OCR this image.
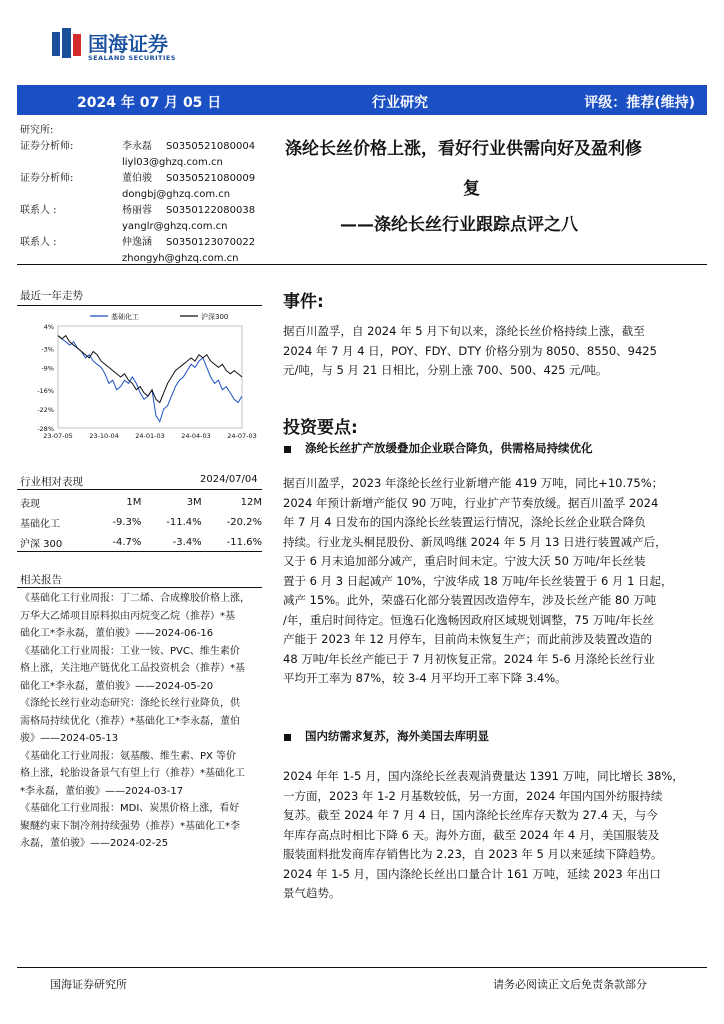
国海证券
SEALAND SECURITIES
2024 年 07 月 05 日	行业研究	评级：推荐(维持)
研究所:
证券分析师:	李永磊 S0350521080004
liyl03@ghzq.com.cn
证券分析师:	董伯骏 S0350521080009
dongbj@ghzq.com.cn
联系人 :	杨丽蓉 S0350122080038
yanglr@ghzq.com.cn
联系人 :	仲逸涵 S0350123070022
zhongyh@ghzq.com.cn
涤纶长丝价格上涨，看好行业供需向好及盈利修
复
——涤纶长丝行业跟踪点评之八
最近一年走势
4%
-3%
-9%
-16%
-22%
-28%
23-07-05	23-10-04	24-01-03	24-04-03	24-07-03
基础化工	沪深300
行业相对表现	2024/07/04
表现	1M	3M	12M
基础化工	-9.3%	-11.4%	-20.2%
沪深 300	-4.7%	-3.4%	-11.6%
相关报告

《基础化工行业周报：丁二烯、合成橡胶价格上涨，

万华大乙烯项目原料拟由丙烷变乙烷（推荐）*基

础化工*李永磊，董伯骏》——2024-06-16

《基础化工行业周报：工业一铵、PVC、维生素价

格上涨，关注地产链优化工品投资机会（推荐）*基

础化工*李永磊，董伯骏》——2024-05-20

《涤纶长丝行业动态研究：涤纶长丝行业降负，供

需格局持续优化（推荐）*基础化工*李永磊，董伯

骏》——2024-05-13

《基础化工行业周报：氨基酸、维生素、PX 等价

格上涨，轮胎设备景气有望上行（推荐）*基础化工

*李永磊，董伯骏》——2024-03-17

《基础化工行业周报：MDI、炭黑价格上涨，看好

聚醚约束下制冷剂持续强势（推荐）*基础化工*李

永磊，董伯骏》——2024-02-25

事件:
据百川盈孚，自 2024 年 5 月下旬以来，涤纶长丝价格持续上涨，截至
2024 年 7 月 4 日，POY、FDY、DTY 价格分别为 8050、8550、9425
元/吨，与 5 月 21 日相比，分别上涨 700、500、425 元/吨。
投资要点:
涤纶长丝扩产放缓叠加企业联合降负，供需格局持续优化
据百川盈孚，2023 年涤纶长丝行业新增产能 419 万吨，同比+10.75%；
2024 年预计新增产能仅 90 万吨，行业扩产节奏放缓。据百川盈孚 2024
年 7 月 4 日发布的国内涤纶长丝装置运行情况，涤纶长丝企业联合降负
持续。行业龙头桐昆股份、新凤鸣继 2024 年 5 月 13 日进行装置减产后，
又于 6 月末追加部分减产，重启时间未定。宁波大沃 50 万吨/年长丝装
置于 6 月 3 日起减产 10%，宁波华成 18 万吨/年长丝装置于 6 月 1 日起，
减产 15%。此外，荣盛石化部分装置因改造停车，涉及长丝产能 80 万吨
/年，重启时间待定。恒逸石化逸畅因政府区域规划调整，75 万吨/年长丝
产能于 2023 年 12 月停车，目前尚未恢复生产；而此前涉及装置改造的
48 万吨/年长丝产能已于 7 月初恢复正常。2024 年 5-6 月涤纶长丝行业
平均开工率为 87%，较 3-4 月平均开工率下降 3.4%。
国内纺需求复苏，海外美国去库明显
2024 年年 1-5 月，国内涤纶长丝表观消费量达 1391 万吨，同比增长 38%，
一方面，2023 年 1-2 月基数较低，另一方面，2024 年国内国外纺服持续
复苏。截至 2024 年 7 月 4 日，国内涤纶长丝库存天数为 27.4 天，与今
年库存高点时相比下降 6 天。海外方面，截至 2024 年 4 月，美国服装及
服装面料批发商库存销售比为 2.23，自 2023 年 5 月以来延续下降趋势。
2024 年 1-5 月，国内涤纶长丝出口量合计 161 万吨，延续 2023 年出口
景气趋势。
国海证券研究所	请务必阅读正文后免责条款部分
